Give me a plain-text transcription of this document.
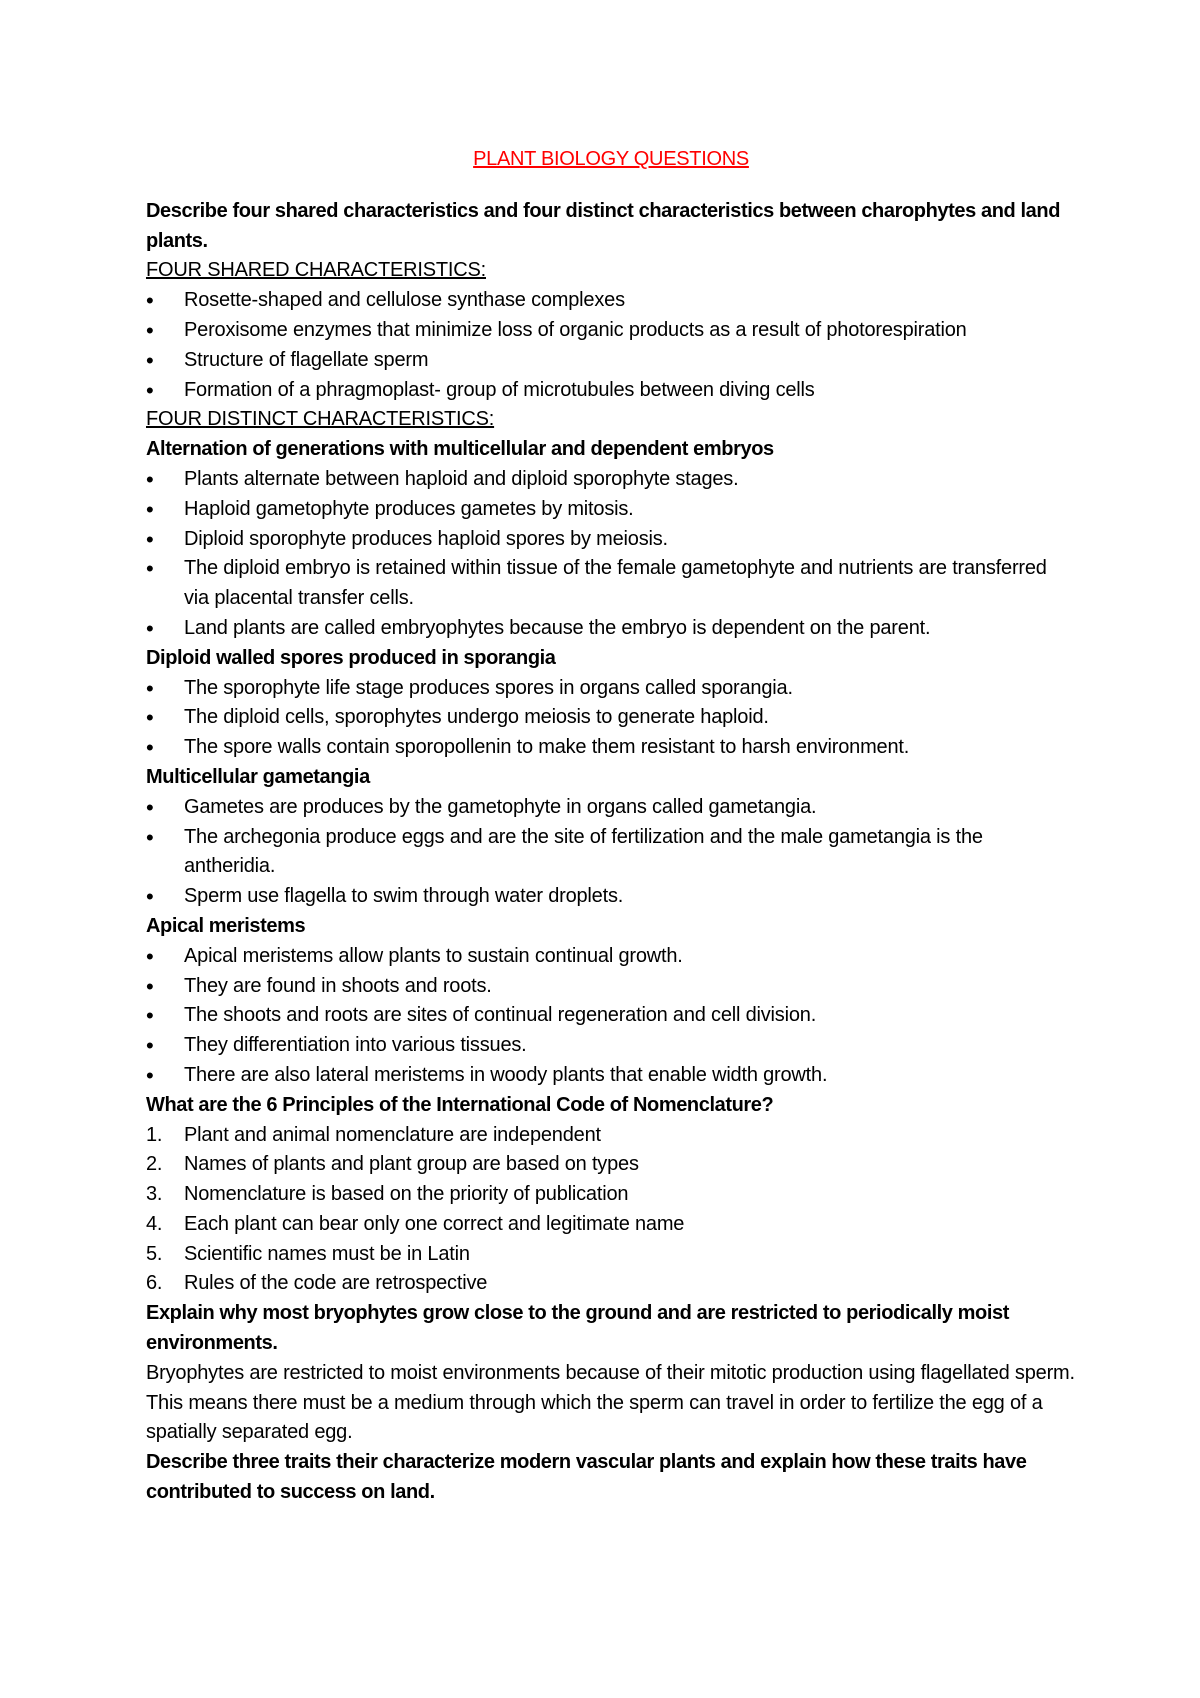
PLANT BIOLOGY QUESTIONS
Describe four shared characteristics and four distinct characteristics between charophytes and land plants.
FOUR SHARED CHARACTERISTICS:
•
Rosette-shaped and cellulose synthase complexes
•
Peroxisome enzymes that minimize loss of organic products as a result of photorespiration
•
Structure of flagellate sperm
•
Formation of a phragmoplast- group of microtubules between diving cells
FOUR DISTINCT CHARACTERISTICS:
Alternation of generations with multicellular and dependent embryos
•
Plants alternate between haploid and diploid sporophyte stages.
•
Haploid gametophyte produces gametes by mitosis.
•
Diploid sporophyte produces haploid spores by meiosis.
•
The diploid embryo is retained within tissue of the female gametophyte and nutrients are transferred via placental transfer cells.
•
Land plants are called embryophytes because the embryo is dependent on the parent.
Diploid walled spores produced in sporangia
•
The sporophyte life stage produces spores in organs called sporangia.
•
The diploid cells, sporophytes undergo meiosis to generate haploid.
•
The spore walls contain sporopollenin to make them resistant to harsh environment.
Multicellular gametangia
•
Gametes are produces by the gametophyte in organs called gametangia.
•
The archegonia produce eggs and are the site of fertilization and the male gametangia is the antheridia.
•
Sperm use flagella to swim through water droplets.
Apical meristems
•
Apical meristems allow plants to sustain continual growth.
•
They are found in shoots and roots.
•
The shoots and roots are sites of continual regeneration and cell division.
•
They differentiation into various tissues.
•
There are also lateral meristems in woody plants that enable width growth.
What are the 6 Principles of the International Code of Nomenclature?
1.	Plant and animal nomenclature are independent
2.	Names of plants and plant group are based on types
3.	Nomenclature is based on the priority of publication
4.	Each plant can bear only one correct and legitimate name
5.	Scientific names must be in Latin
6.	Rules of the code are retrospective
Explain why most bryophytes grow close to the ground and are restricted to periodically moist environments.
Bryophytes are restricted to moist environments because of their mitotic production using flagellated sperm. This means there must be a medium through which the sperm can travel in order to fertilize the egg of a spatially separated egg.
Describe three traits their characterize modern vascular plants and explain how these traits have contributed to success on land.
